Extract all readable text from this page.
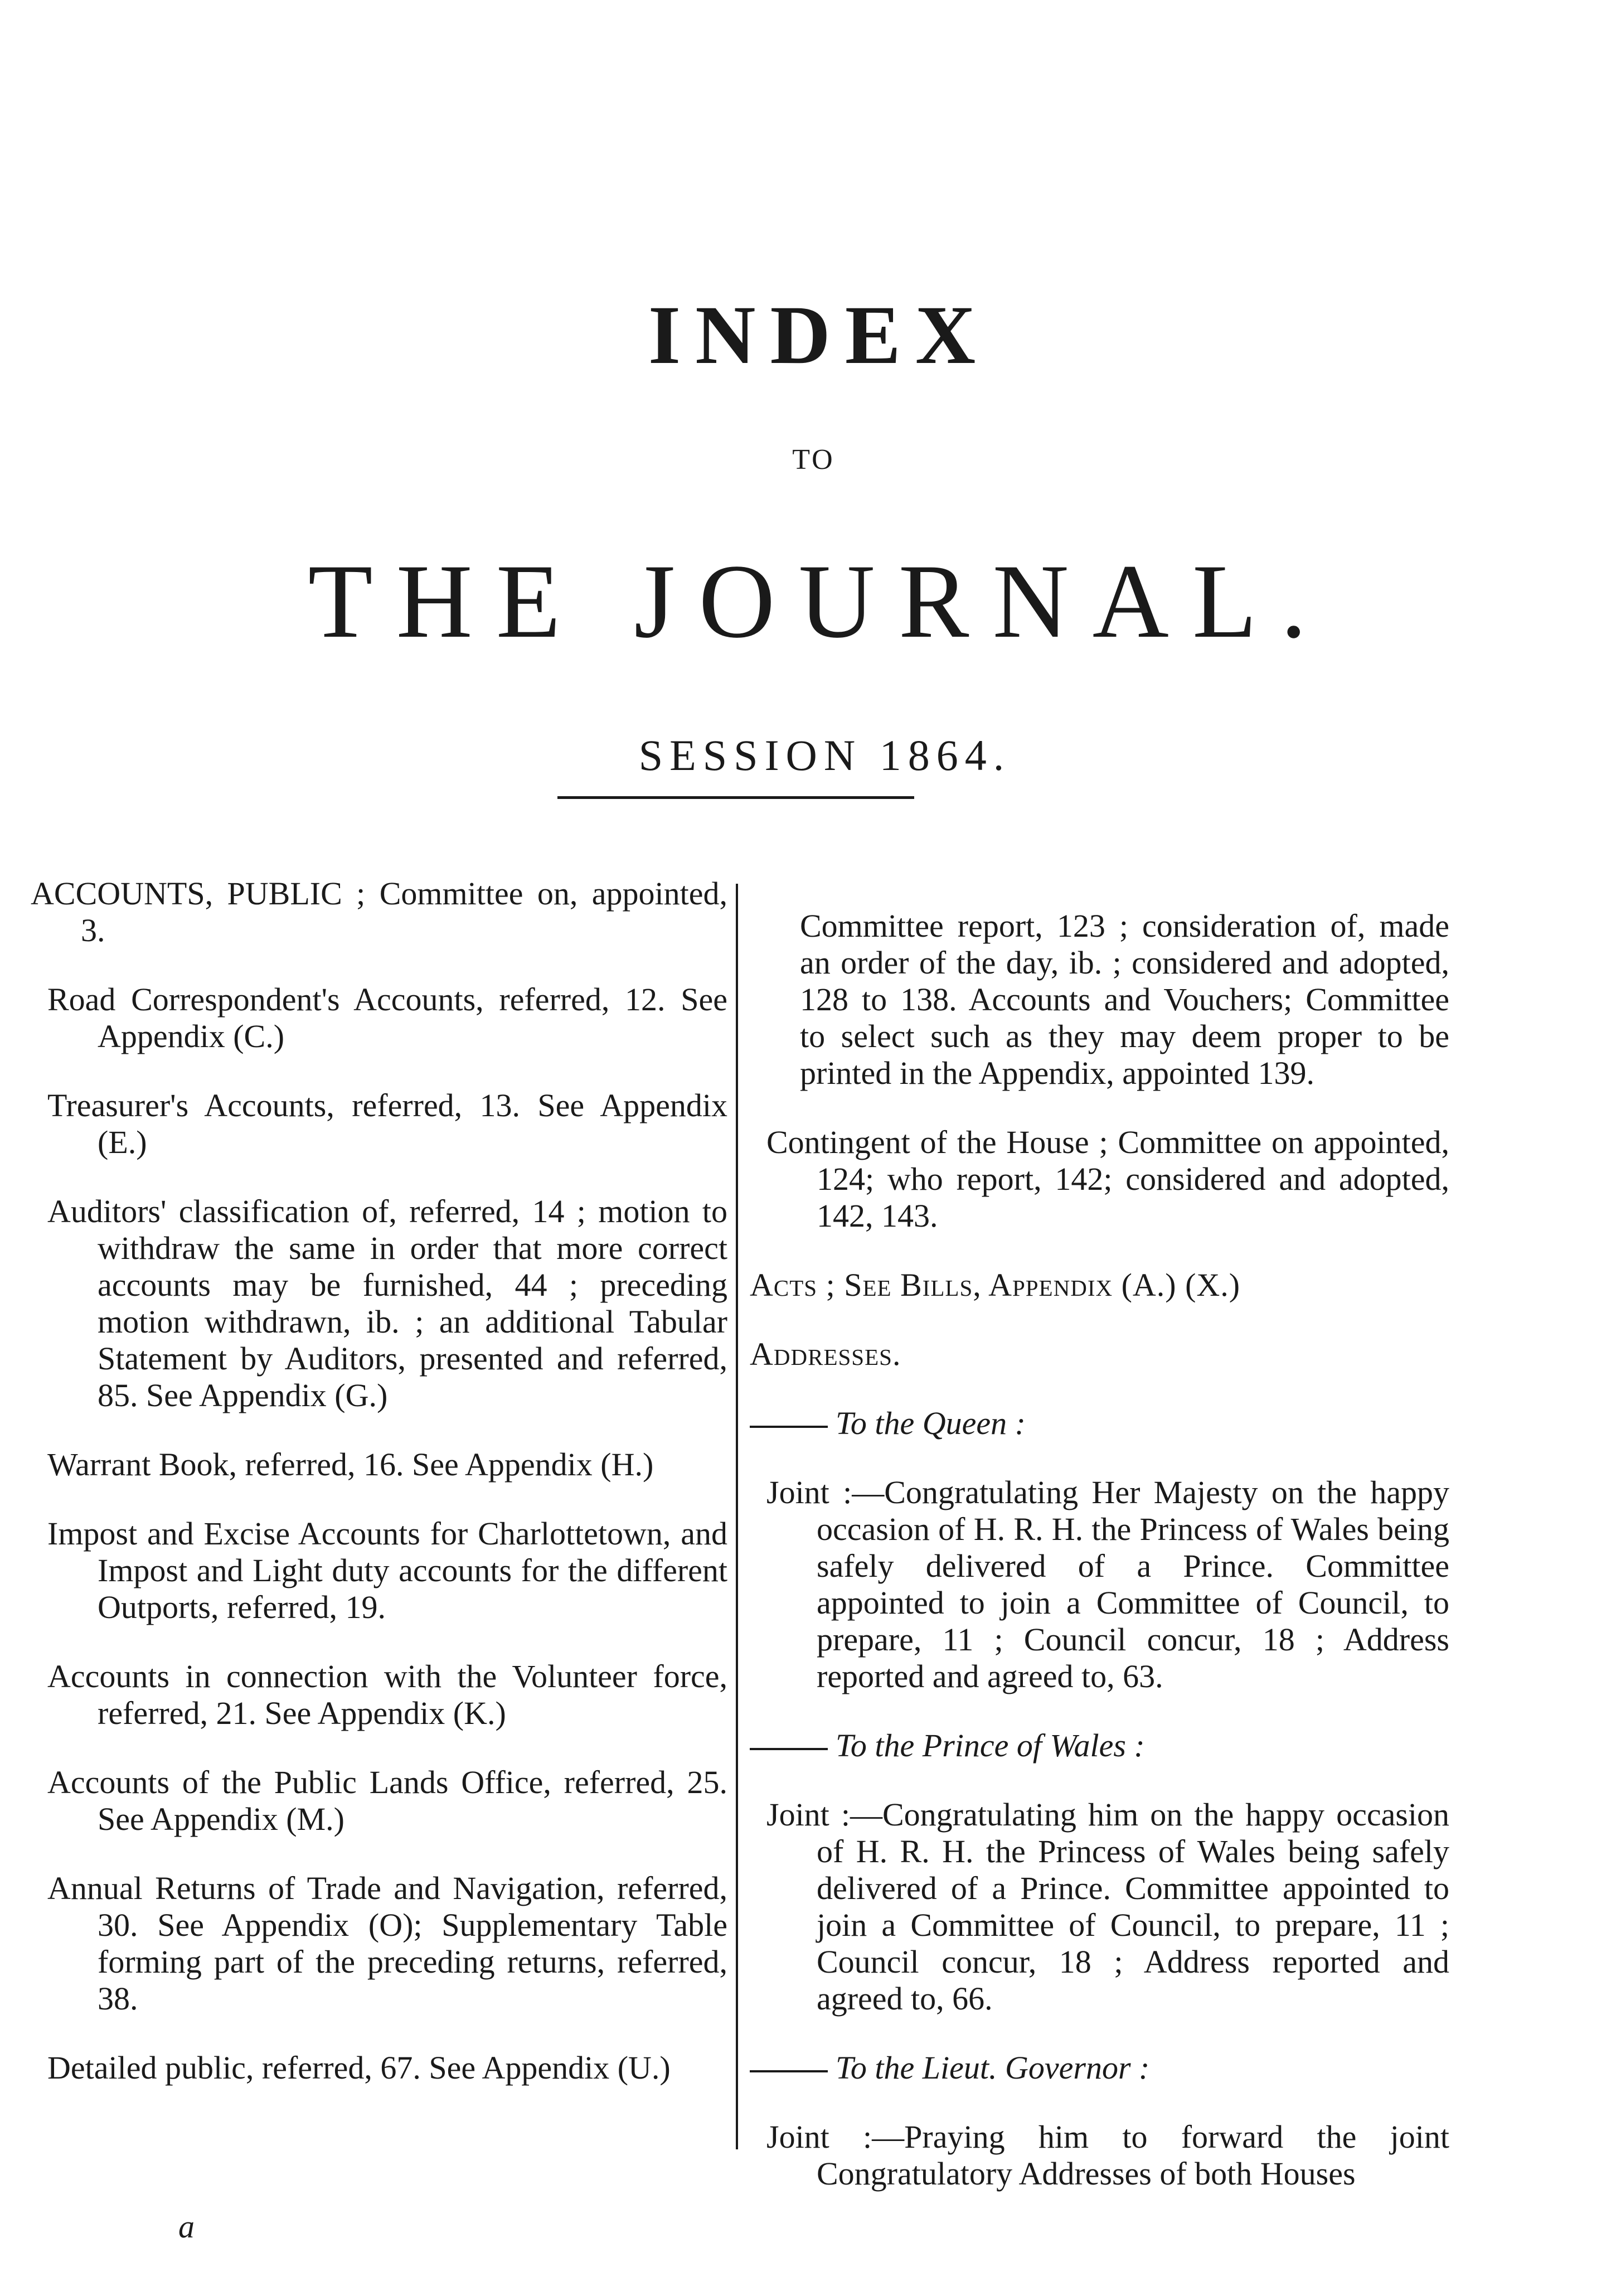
INDEX
TO
THE JOURNAL.
SESSION 1864.

ACCOUNTS, PUBLIC ; Committee on, appointed, 3.

Road Correspondent's Accounts, referred, 12. See Appendix (C.)

Treasurer's Accounts, referred, 13. See Appendix (E.)

Auditors' classification of, referred, 14 ; motion to withdraw the same in order that more correct accounts may be furnished, 44 ; preceding motion withdrawn, ib. ; an additional Tabular Statement by Auditors, presented and referred, 85. See Appendix (G.)

Warrant Book, referred, 16. See Appendix (H.)

Impost and Excise Accounts for Charlottetown, and Impost and Light duty accounts for the different Outports, referred, 19.

Accounts in connection with the Volunteer force, referred, 21. See Appendix (K.)

Accounts of the Public Lands Office, referred, 25. See Appendix (M.)

Annual Returns of Trade and Navigation, referred, 30. See Appendix (O); Supplementary Table forming part of the preceding returns, referred, 38.

Detailed public, referred, 67. See Appendix (U.)

Committee report, 123 ; consideration of, made an order of the day, ib. ; considered and adopted, 128 to 138. Accounts and Vouchers; Committee to select such as they may deem proper to be printed in the Appendix, appointed 139.

Contingent of the House ; Committee on appointed, 124; who report, 142; considered and adopted, 142, 143.

Acts ; See Bills, Appendix (A.) (X.)

Addresses.

To the Queen :

Joint :—Congratulating Her Majesty on the happy occasion of H. R. H. the Princess of Wales being safely delivered of a Prince. Committee appointed to join a Committee of Council, to prepare, 11 ; Council concur, 18 ; Address reported and agreed to, 63.

To the Prince of Wales :

Joint :—Congratulating him on the happy occasion of H. R. H. the Princess of Wales being safely delivered of a Prince. Committee appointed to join a Committee of Council, to prepare, 11 ; Council concur, 18 ; Address reported and agreed to, 66.

To the Lieut. Governor :

Joint :—Praying him to forward the joint Congratulatory Addresses of both Houses

a
